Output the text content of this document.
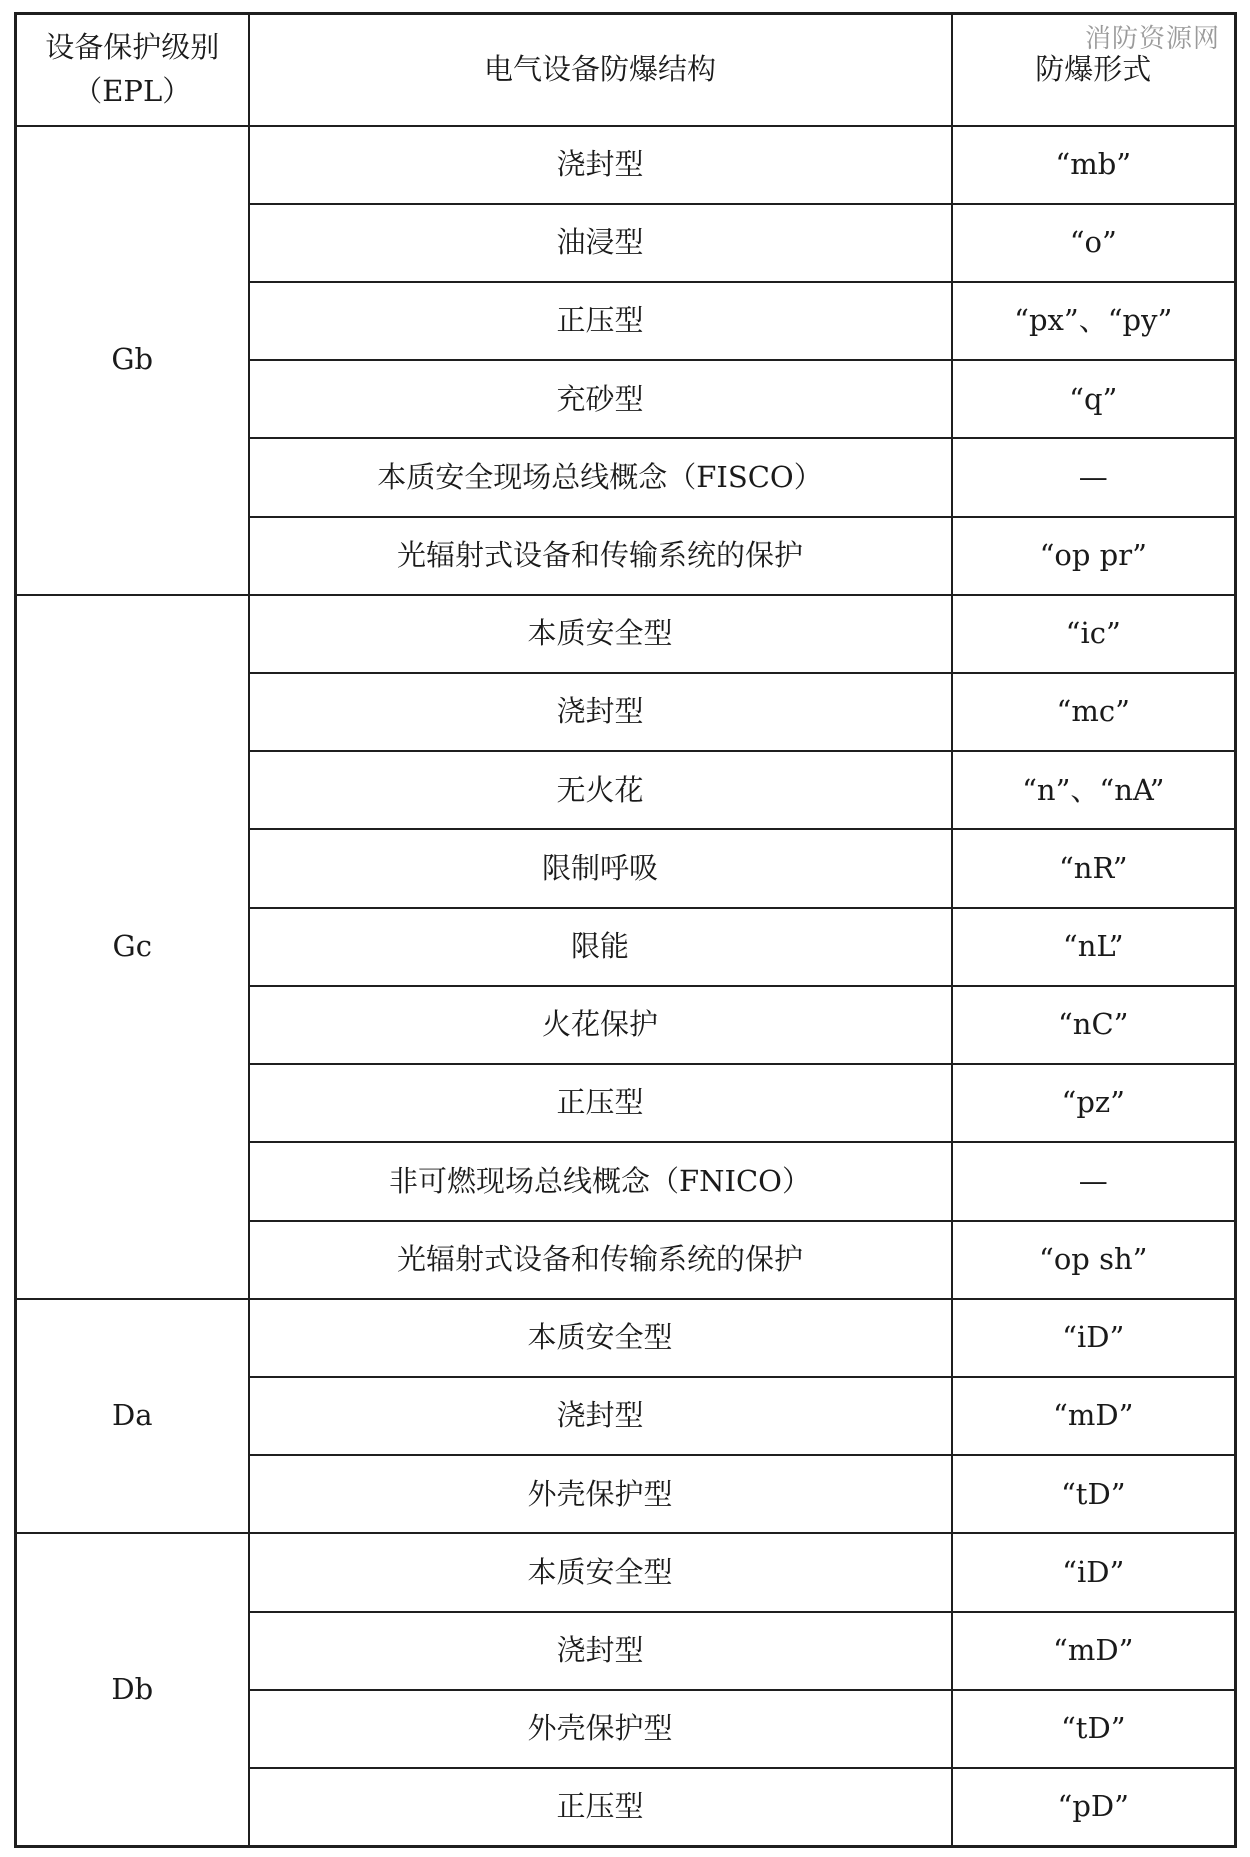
消防资源网
设备保护级别
（EPL）	电气设备防爆结构	防爆形式
Gb	浇封型	“mb”
	油浸型	“o”
	正压型	“px”、“py”
	充砂型	“q”
	本质安全现场总线概念（FISCO）	—
	光辐射式设备和传输系统的保护	“op pr”
Gc	本质安全型	“ic”
	浇封型	“mc”
	无火花	“n”、“nA”
	限制呼吸	“nR”
	限能	“nL”
	火花保护	“nC”
	正压型	“pz”
	非可燃现场总线概念（FNICO）	—
	光辐射式设备和传输系统的保护	“op sh”
Da	本质安全型	“iD”
	浇封型	“mD”
	外壳保护型	“tD”
Db	本质安全型	“iD”
	浇封型	“mD”
	外壳保护型	“tD”
	正压型	“pD”
